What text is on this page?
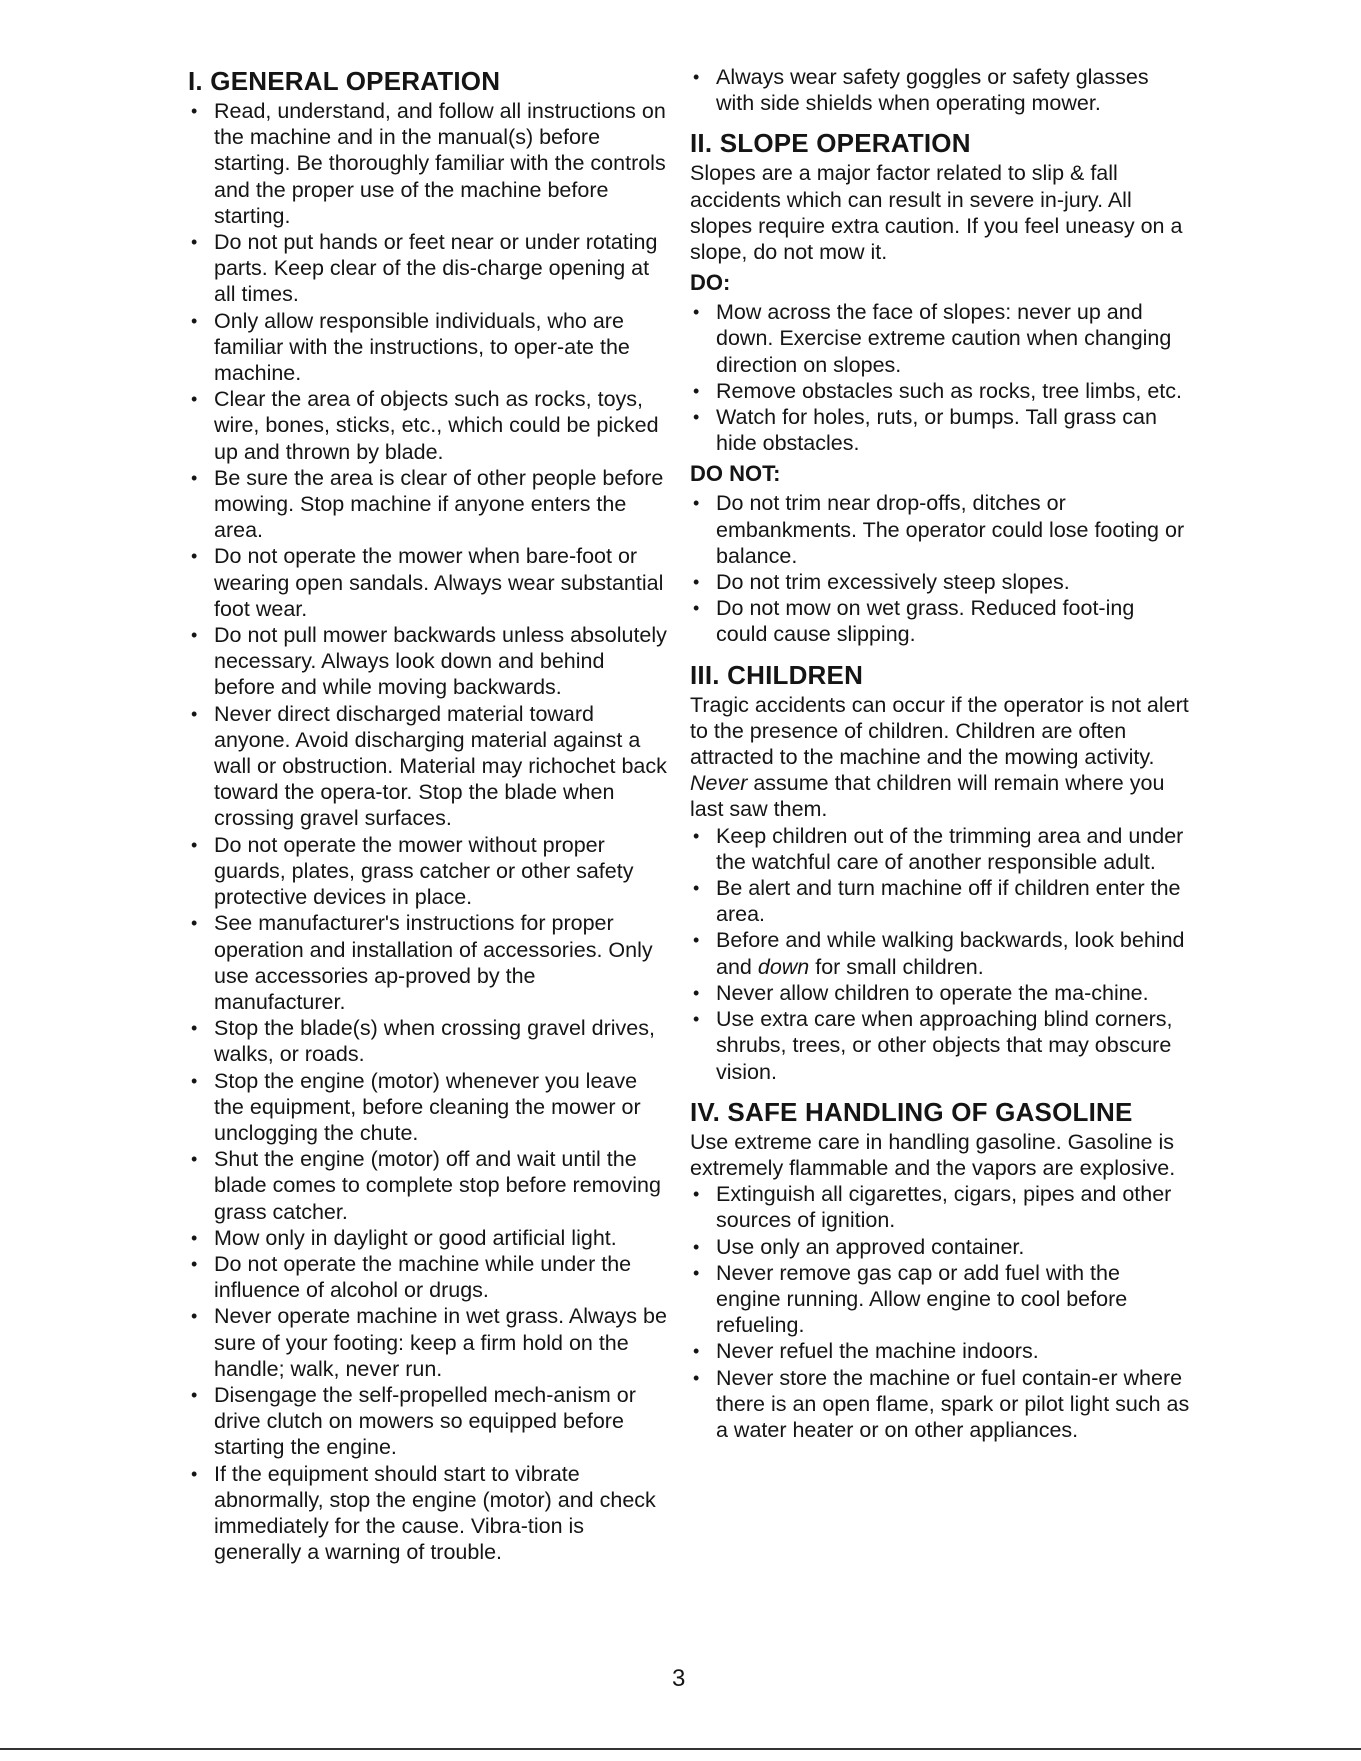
I. GENERAL OPERATION
• Read, understand, and follow all instructions on the machine and in the manual(s) before starting. Be thoroughly familiar with the controls and the proper use of the machine before starting.
• Do not put hands or feet near or under rotating parts. Keep clear of the dis-charge opening at all times.
• Only allow responsible individuals, who are familiar with the instructions, to oper-ate the machine.
• Clear the area of objects such as rocks, toys, wire, bones, sticks, etc., which could be picked up and thrown by blade.
• Be sure the area is clear of other people before mowing. Stop machine if anyone enters the area.
• Do not operate the mower when bare-foot or wearing open sandals. Always wear substantial foot wear.
• Do not pull mower backwards unless absolutely necessary. Always look down and behind before and while moving backwards.
• Never direct discharged material toward anyone. Avoid discharging material against a wall or obstruction. Material may richochet back toward the opera-tor. Stop the blade when crossing gravel surfaces.
• Do not operate the mower without proper guards, plates, grass catcher or other safety protective devices in place.
• See manufacturer's instructions for proper operation and installation of accessories. Only use accessories ap-proved by the manufacturer.
• Stop the blade(s) when crossing gravel drives, walks, or roads.
• Stop the engine (motor) whenever you leave the equipment, before cleaning the mower or unclogging the chute.
• Shut the engine (motor) off and wait until the blade comes to complete stop before removing grass catcher.
• Mow only in daylight or good artificial light.
• Do not operate the machine while under the influence of alcohol or drugs.
• Never operate machine in wet grass. Always be sure of your footing: keep a firm hold on the handle; walk, never run.
• Disengage the self-propelled mech-anism or drive clutch on mowers so equipped before starting the engine.
• If the equipment should start to vibrate abnormally, stop the engine (motor) and check immediately for the cause. Vibra-tion is generally a warning of trouble.
• Always wear safety goggles or safety glasses with side shields when operating mower.
II. SLOPE OPERATION

Slopes are a major factor related to slip & fall accidents which can result in severe in-jury. All slopes require extra caution. If you feel uneasy on a slope, do not mow it.

DO:
• Mow across the face of slopes: never up and down. Exercise extreme caution when changing direction on slopes.
• Remove obstacles such as rocks, tree limbs, etc.
• Watch for holes, ruts, or bumps. Tall grass can hide obstacles.
DO NOT:
• Do not trim near drop-offs, ditches or embankments. The operator could lose footing or balance.
• Do not trim excessively steep slopes.
• Do not mow on wet grass. Reduced foot-ing could cause slipping.
III. CHILDREN

Tragic accidents can occur if the operator is not alert to the presence of children. Children are often attracted to the machine and the mowing activity. Never assume that children will remain where you last saw them.

• Keep children out of the trimming area and under the watchful care of another responsible adult.
• Be alert and turn machine off if children enter the area.
• Before and while walking backwards, look behind and down for small children.
• Never allow children to operate the ma-chine.
• Use extra care when approaching blind corners, shrubs, trees, or other objects that may obscure vision.
IV. SAFE HANDLING OF GASOLINE

Use extreme care in handling gasoline. Gasoline is extremely flammable and the vapors are explosive.

• Extinguish all cigarettes, cigars, pipes and other sources of ignition.
• Use only an approved container.
• Never remove gas cap or add fuel with the engine running. Allow engine to cool before refueling.
• Never refuel the machine indoors.
• Never store the machine or fuel contain-er where there is an open flame, spark or pilot light such as a water heater or on other appliances.
3
